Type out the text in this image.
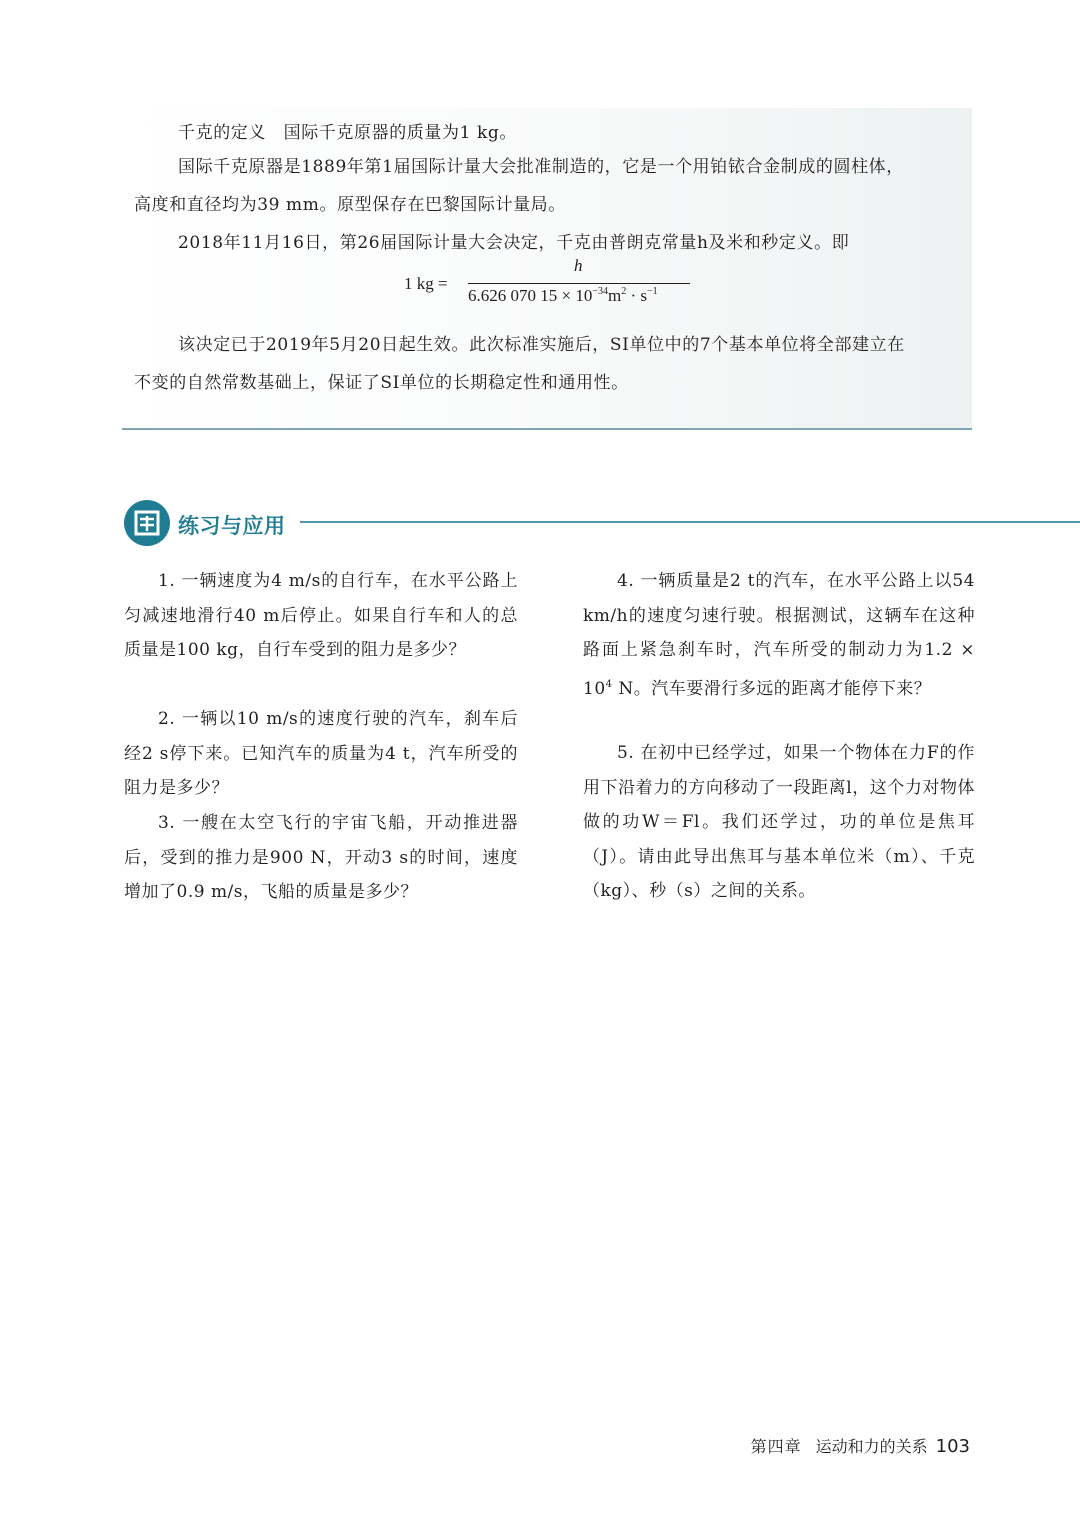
千克的定义　 国际千克原器的质量为1 kg。

国际千克原器是1889年第1届国际计量大会批准制造的，它是一个用铂铱合金制成的圆柱体，

高度和直径均为39 mm。原型保存在巴黎国际计量局。

2018年11月16日，第26届国际计量大会决定，千克由普朗克常量h及米和秒定义。即

1 kg =
h
6.626 070 $15 \times 10^{-34}m^2 \cdot s^{-1}$

该决定已于2019年5月20日起生效。此次标准实施后，SI单位中的7个基本单位将全部建立在

不变的自然常数基础上，保证了SI单位的长期稳定性和通用性。

练习与应用

1. 一辆速度为4 m/s的自行车，在水平公路上匀减速地滑行40 m后停止。如果自行车和人的总质量是100 kg，自行车受到的阻力是多少？

2. 一辆以10 m/s的速度行驶的汽车，刹车后经2 s停下来。已知汽车的质量为4 t，汽车所受的阻力是多少？

3. 一艘在太空飞行的宇宙飞船，开动推进器后，受到的推力是900 N，开动3 s的时间，速度增加了0.9 m/s，飞船的质量是多少？

4. 一辆质量是2 t的汽车，在水平公路上以54 km/h的速度匀速行驶。根据测试，这辆车在这种路面上紧急刹车时，汽车所受的制动力为$1.2 \times 10^4$ N。汽车要滑行多远的距离才能停下来？

5. 在初中已经学过，如果一个物体在力F的作用下沿着力的方向移动了一段距离l，这个力对物体做的功W＝Fl。我们还学过，功的单位是焦耳（J）。请由此导出焦耳与基本单位米（m）、千克（kg）、秒（s）之间的关系。

第四章 运动和力的关系 103
